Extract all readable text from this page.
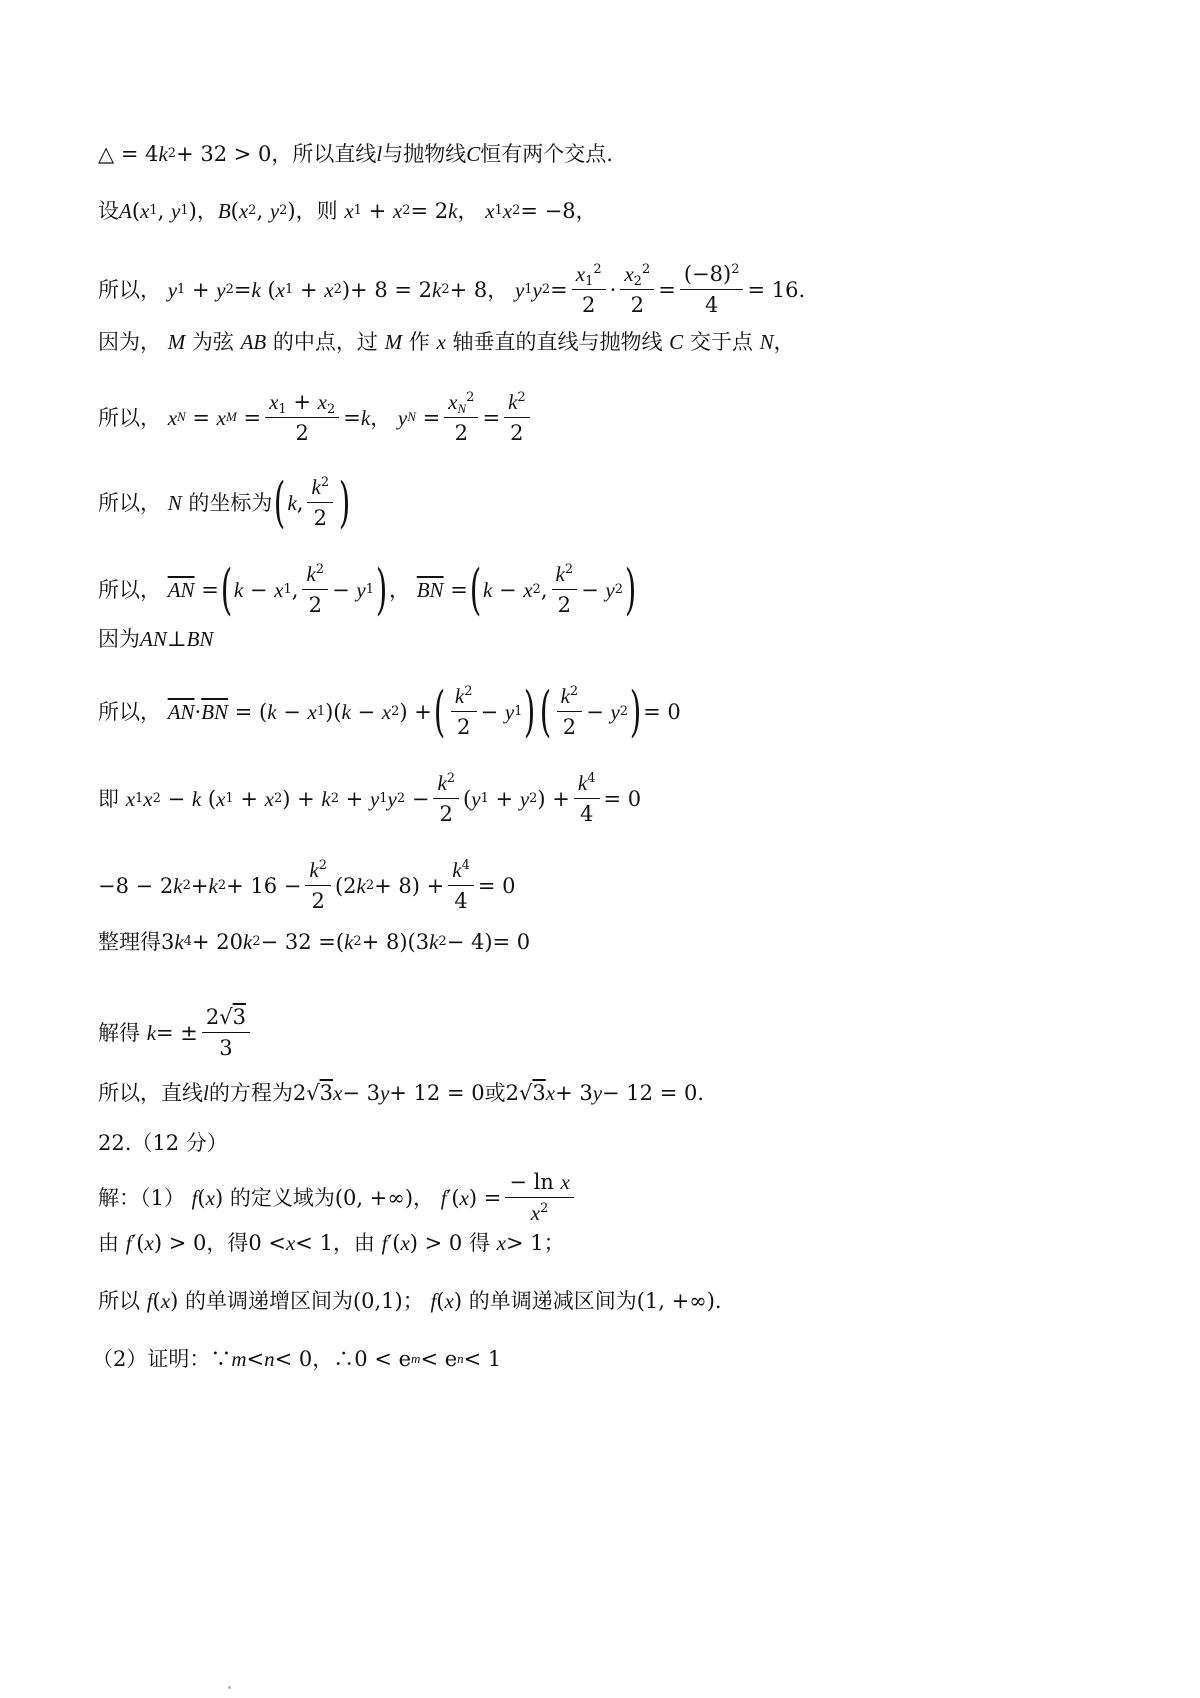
△ = 4 k 2 + 32 > 0，所以直线 l 与抛物线 C 恒有两个交点.
设 A ( x 1 , y 1 ) ， B ( x 2 , y 2 ) ，则
x 1 + x 2 = 2 k ，
x 1 x 2 = −8，
所以，
y 1 + y 2 = k ( x 1 + x 2 ) + 8 = 2 k 2 + 8，
y 1 y $2 = \frac{x_1^2}{2} \cdot \frac{x_2^2}{2} = \frac{(-8)^2}{4} = 16$.
因为，
M
为弦
AB
的中点，过
M
作
x
轴垂直的直线与抛物线
C
交于点
N ，
所以，
x N = x $M = \frac{x_1 + x_2}{2} = k$ ，
y $N = \frac{x_N^2}{2} = \frac{k^2}{2}$
所以，
N
的坐标为 ( k , $\frac{k^2}{2}$ )
所以，
$\overline{AN}$ = ( k − x 1 , $\frac{k^2}{2} - y$ 1 ) ，
$\overline{BN}$ = ( k − x 2 , $\frac{k^2}{2} - y$ 2 )
因为 AN ⊥ BN
所以，
$\overline{AN} \cdot \overline{BN}$ = ( k − x 1 )( k − x 2 ) + ( $\frac{k^2}{2} - y$ 1 ) ( $\frac{k^2}{2} - y$ 2 ) = 0
即
x 1 x 2 − k ( x 1 + x 2 ) + k 2 + y 1 y $2 - \frac{k^2}{2}$ ( y 1 + y 2 ) + $\frac{k^4}{4} = 0$
−8 − 2 k 2 + k $2 + 16 - \frac{k^2}{2}$ ( 2 k 2 + 8 ) + $\frac{k^4}{4} = 0$
整理得 3 k 4 + 20 k 2 − 32 = ( k 2 + 8 )( 3 k 2 − 4 ) = 0
解得
k = ± $\frac{2√3}{3}$
所以，直线 l 的方程为 2 √ 3 x − 3 y + 12 = 0 或 2 √ 3 x + 3 y − 12 = 0.
22.（12 分）
解：（1）
f ( x )
的定义域为 (0, +∞) ，
f ′( x ) = $\frac{\text{− ln x}}{x^2}$
由
f ′( x ) > 0 ，得 0 < x < 1 ，由
f ′( x ) > 0
得
x > 1 ；
所以
f ( x )
的单调递增区间为 (0,1) ；
f ( x )
的单调递减区间为 (1, +∞) .
（2）证明：∵ m < n < 0 ，∴ 0 < e m < e n < 1
